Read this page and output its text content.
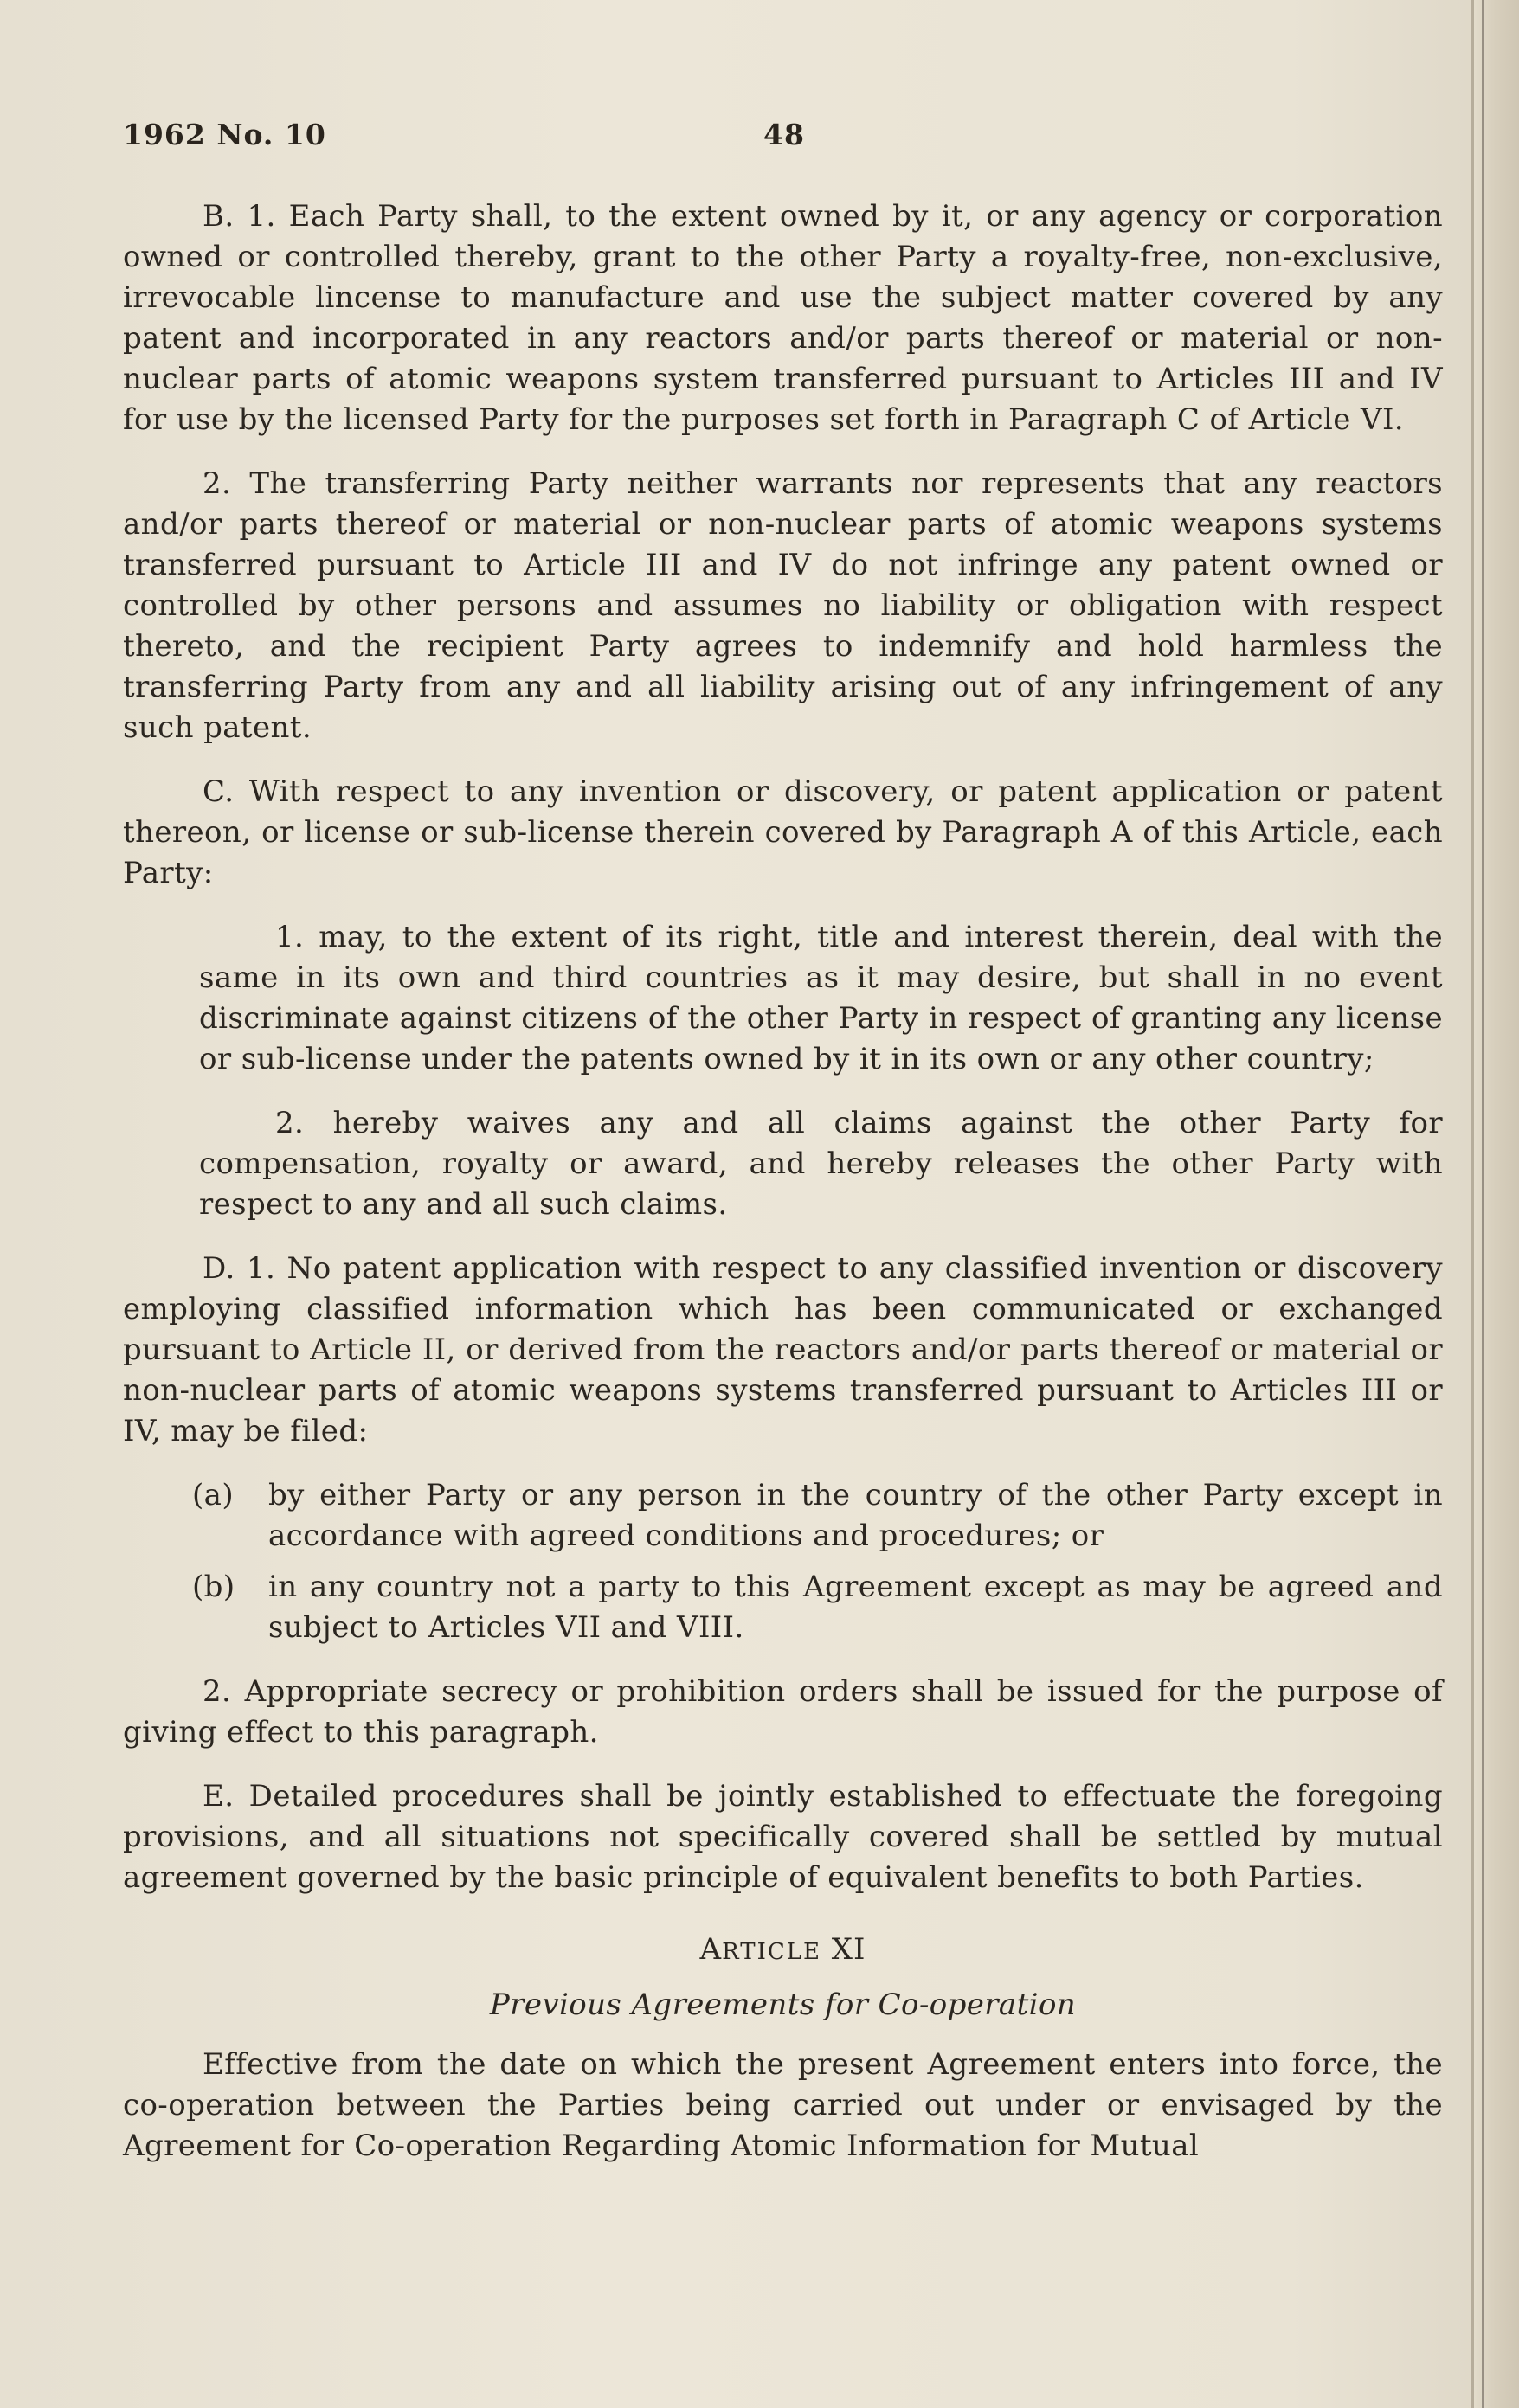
1962 No. 10	48

B. 1. Each Party shall, to the extent owned by it, or any agency or corporation owned or controlled thereby, grant to the other Party a royalty-free, non-exclusive, irrevocable lincense to manufacture and use the subject matter covered by any patent and incorporated in any reactors and/or parts thereof or material or non-nuclear parts of atomic weapons system transferred pursuant to Articles III and IV for use by the licensed Party for the purposes set forth in Paragraph C of Article VI.

2. The transferring Party neither warrants nor represents that any reactors and/or parts thereof or material or non-nuclear parts of atomic weapons systems transferred pursuant to Article III and IV do not infringe any patent owned or controlled by other persons and assumes no liability or obligation with respect thereto, and the recipient Party agrees to indemnify and hold harmless the transferring Party from any and all liability arising out of any infringement of any such patent.

C. With respect to any invention or discovery, or patent application or patent thereon, or license or sub-license therein covered by Paragraph A of this Article, each Party:

1. may, to the extent of its right, title and interest therein, deal with the same in its own and third countries as it may desire, but shall in no event discriminate against citizens of the other Party in respect of granting any license or sub-license under the patents owned by it in its own or any other country;

2. hereby waives any and all claims against the other Party for compensation, royalty or award, and hereby releases the other Party with respect to any and all such claims.

D. 1. No patent application with respect to any classified invention or discovery employing classified information which has been communicated or exchanged pursuant to Article II, or derived from the reactors and/or parts thereof or material or non-nuclear parts of atomic weapons systems transferred pursuant to Articles III or IV, may be filed:

(a) by either Party or any person in the country of the other Party except in accordance with agreed conditions and procedures; or

(b) in any country not a party to this Agreement except as may be agreed and subject to Articles VII and VIII.

2. Appropriate secrecy or prohibition orders shall be issued for the purpose of giving effect to this paragraph.

E. Detailed procedures shall be jointly established to effectuate the foregoing provisions, and all situations not specifically covered shall be settled by mutual agreement governed by the basic principle of equivalent benefits to both Parties.

ARTICLE XI
Previous Agreements for Co-operation

Effective from the date on which the present Agreement enters into force, the co-operation between the Parties being carried out under or envisaged by the Agreement for Co-operation Regarding Atomic Information for Mutual
